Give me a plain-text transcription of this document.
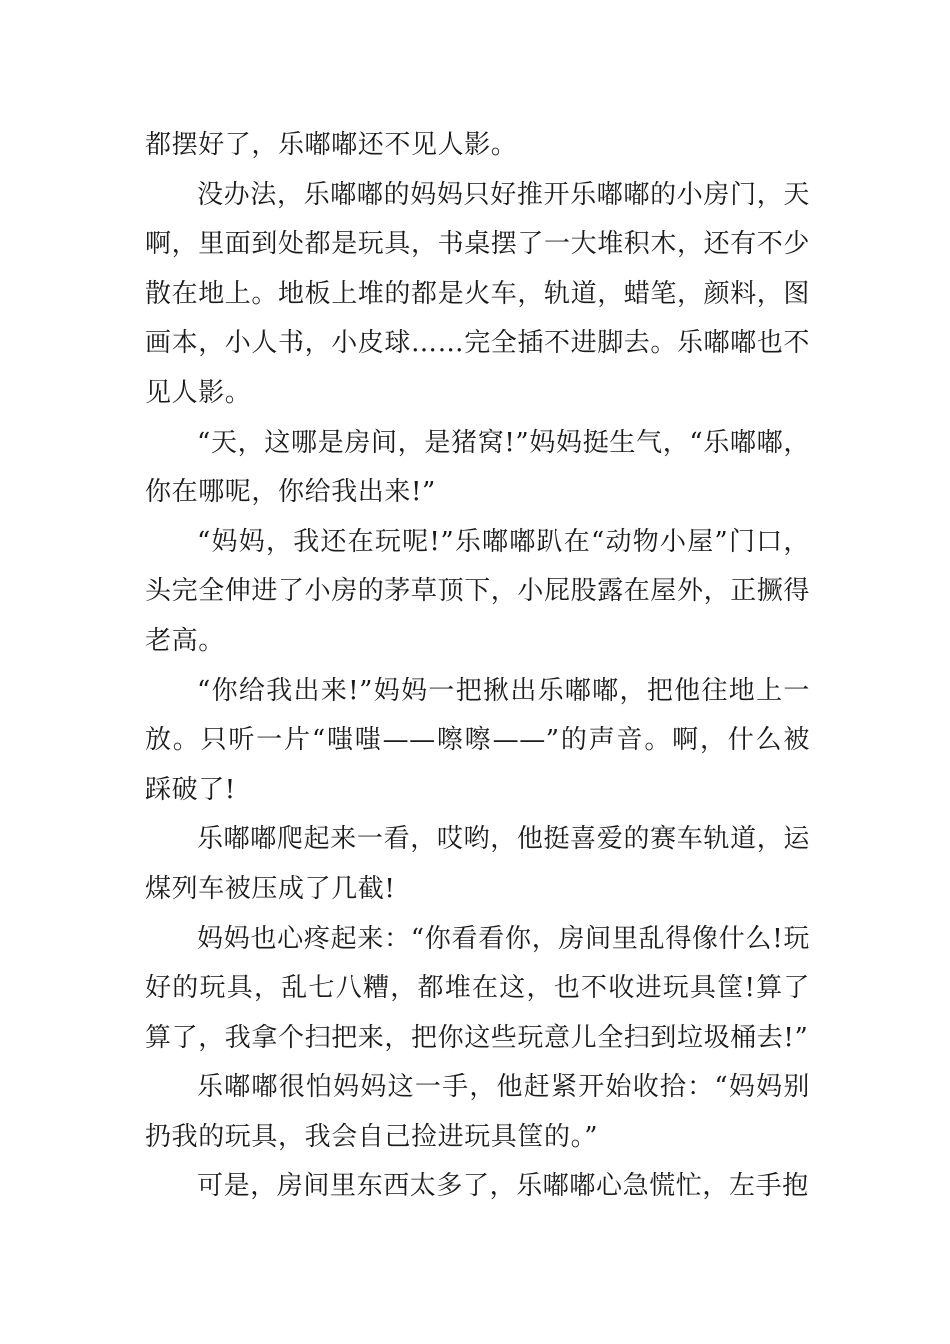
都摆好了，乐嘟嘟还不见人影。

没办法，乐嘟嘟的妈妈只好推开乐嘟嘟的小房门，天啊，里面到处都是玩具，书桌摆了一大堆积木，还有不少散在地上。地板上堆的都是火车，轨道，蜡笔，颜料，图画本，小人书，小皮球……完全插不进脚去。乐嘟嘟也不见人影。

“天，这哪是房间，是猪窝!”妈妈挺生气，“乐嘟嘟，你在哪呢，你给我出来!”

“妈妈，我还在玩呢!”乐嘟嘟趴在“动物小屋”门口，头完全伸进了小房的茅草顶下，小屁股露在屋外，正撅得老高。

“你给我出来!”妈妈一把揪出乐嘟嘟，把他往地上一放。只听一片“嗤嗤——嚓嚓——”的声音。啊，什么被踩破了!

乐嘟嘟爬起来一看，哎哟，他挺喜爱的赛车轨道，运煤列车被压成了几截!

妈妈也心疼起来：“你看看你，房间里乱得像什么!玩好的玩具，乱七八糟，都堆在这，也不收进玩具筐!算了算了，我拿个扫把来，把你这些玩意儿全扫到垃圾桶去!”

乐嘟嘟很怕妈妈这一手，他赶紧开始收拾：“妈妈别扔我的玩具，我会自己捡进玩具筐的。”

可是，房间里东西太多了，乐嘟嘟心急慌忙，左手抱
